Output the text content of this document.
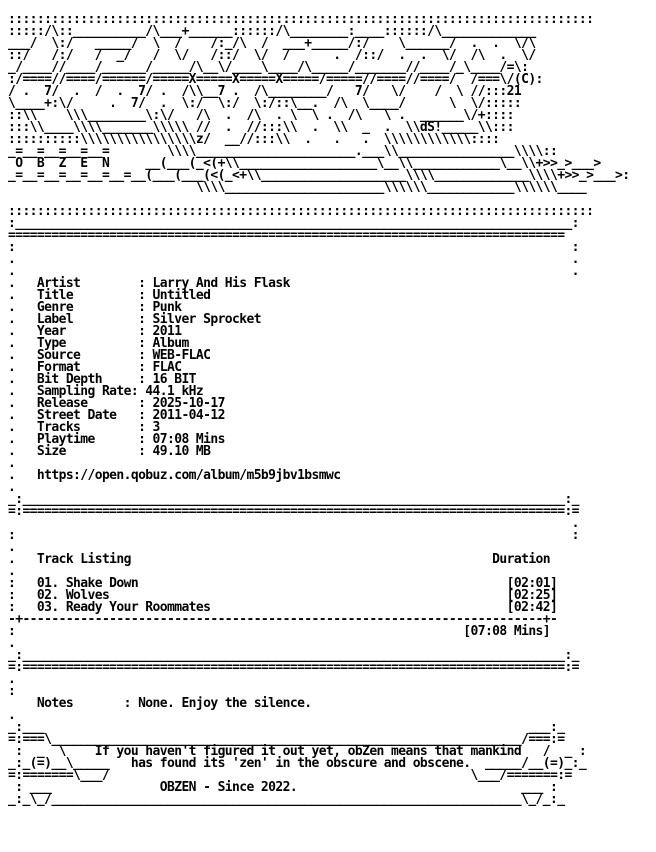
:::::::::::::::::::::::::::::::::::::::::::::::::::::::::::::::::::::::::::::::::
:::::/\::__________/\___+______::::::/\________:____::::::/\_____________
___/  \:/   _____/  \  /    /:_/\  /  ___+_____/:/    \______/  .  .  \/\
::/   /:/   /  _/   /  \/   /::/  \/  /      .  /::/  .  .  \/  /\  .  \/
_/____//____/______/_____/\__\/____\____/\_____/_______//____/_\____/=\:
:/====//====/======/=====X=====X=====X=====/=====//====//====/  /===\/(C):
/ .  7/  .  /  .  7/ .  /\\__7 .  /\________/   7/   \/    /  \ //:::21
\____+:\/     .  7/  .  \:/  \:/  \:/::\__.  /\  \____/      \  \/:::::
::\\    \\\________\:\/   /\  .  /\  . \  \ .  /\   \ .  ______\/+::::
:::\\____\\\\_______\\\\\ //  .  //:::\\  .  \\  _  .  \\dS!_____\\:::
::::::::::\\\\\\\\\\\\\\\\z/  __//:::\\  .   .   .  \\\\\\\\\\\\::::
_=__=__=__=__=        \\\\______________________.___\\________________\\\\::
O  B  Z  E  N     __(___(_<(+\\___________________\__\\____________\__\\+>>_>___>
_=__=__=__=__=__=__(___(___(<(_<+\\____________________\\\\_____________\\\\+>>_>___>:
\\\\______________________\\\\\\____________\\\\\\____

:::::::::::::::::::::::::::::::::::::::::::::::::::::::::::::::::::::::::::::::::
:_____________________________________________________________________________:
=============================================================================
:                                                                             :
.                                                                             .
.                                                                             .
.   Artist        : Larry And His Flask
.   Title         : Untitled
.   Genre         : Punk
.   Label         : Silver Sprocket
.   Year          : 2011
.   Type          : Album
.   Source        : WEB-FLAC
.   Format        : FLAC
.   Bit Depth     : 16 BIT
.   Sampling Rate: 44.1 kHz
.   Release       : 2025-10-17
.   Street Date   : 2011-04-12
.   Tracks        : 3
.   Playtime      : 07:08 Mins
.   Size          : 49.10 MB
.
.   https://open.qobuz.com/album/m5b9jbv1bsmwc
.
_:___________________________________________________________________________:_
=:===========================================================================:=
.
:                                                                             :
.
.   Track Listing                                                  Duration
.
:   01. Shake Down                                                   [02:01]
:   02. Wolves                                                       [02:25]
:   03. Ready Your Roommates                                         [02:42]
-+------------------------------------------------------------------------+-
:                                                              [07:08 Mins]
.
_:___________________________________________________________________________:_
=:===========================================================================:=
.
:
Notes       : None. Enjoy the silence.
.
_:___                                                                   ___:_
=:===\_________________________________________________________________/===:=
:  _  \    If you haven't figured it out yet, obZen means that mankind   /  _ :
_:_(=)__\_____   has found its 'zen' in the obscure and obscene.  _____/__(=)_:_
=:=======\___/                                                  \___/=======:=
: ___               OBZEN - Since 2022.                               ___ :
_:_\_/_________________________________________________________________\_/_:_
